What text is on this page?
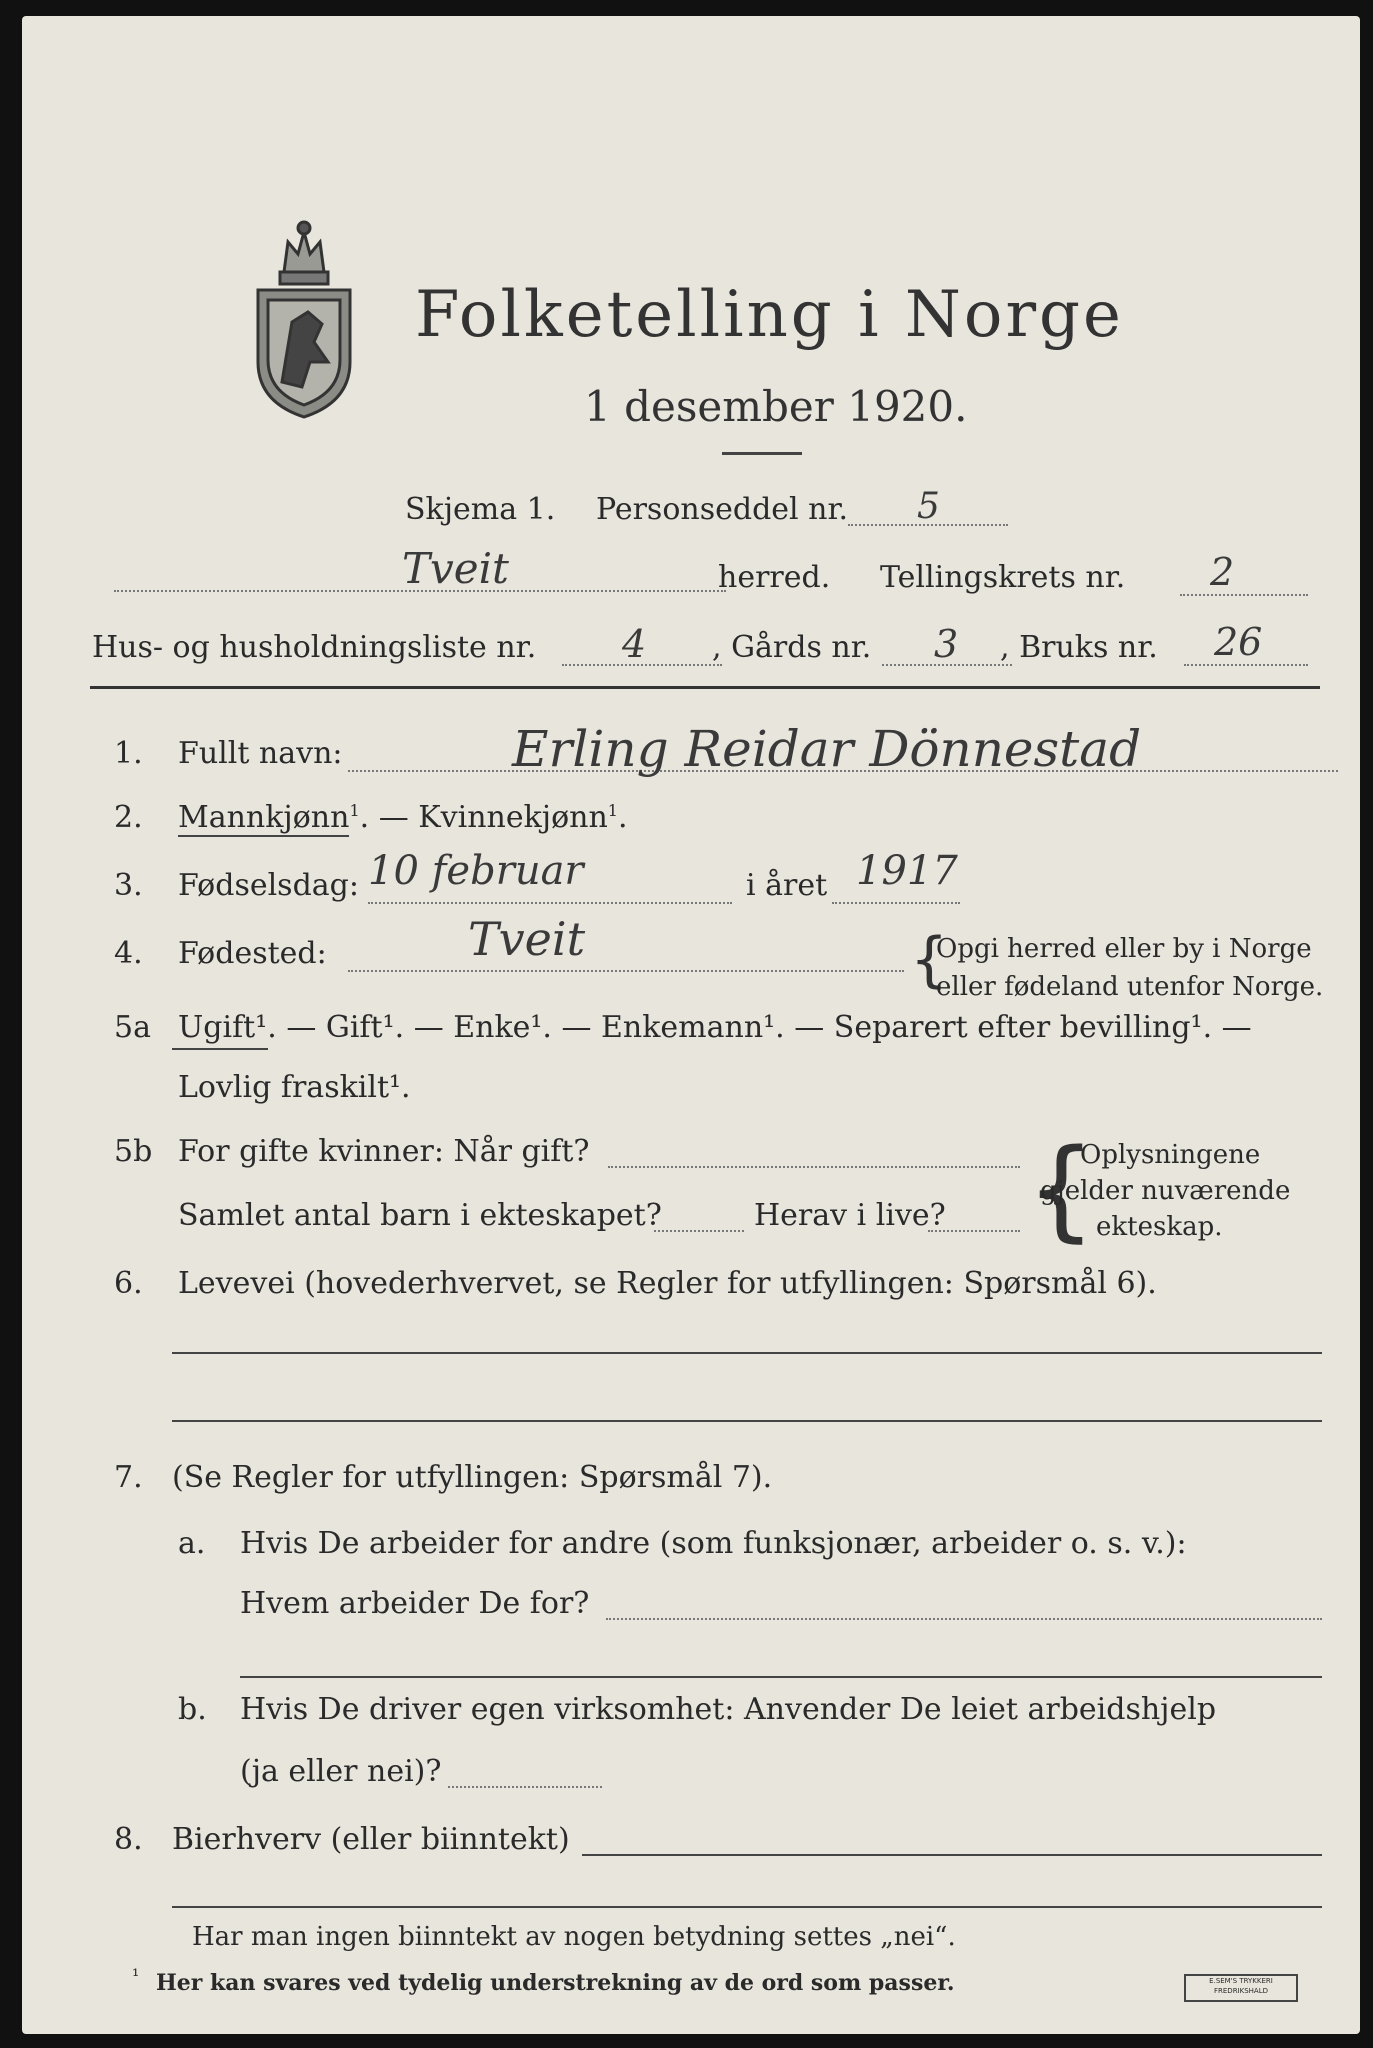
Folketelling i Norge
1 desember 1920.
Skjema 1. Personseddel nr. 5
Tveit	herred. Tellingskrets nr. 2
Hus- og husholdningsliste nr. 4 , Gårds nr. 3 , Bruks nr. 26
1. Fullt navn:	Erling Reidar Dönnestad
2. Mannkjønn$^1$. — Kvinnekjønn$^1$.
3. Fødselsdag: 10 februar	i året 1917
4. Fødested:	Tveit	{
Opgi herred eller by i Norge
eller fødeland utenfor Norge.
5a Ugift¹. — Gift¹. — Enke¹. — Enkemann¹. — Separert efter bevilling¹. —
Lovlig fraskilt¹.
5b For gifte kvinner: Når gift?
Samlet antal barn i ekteskapet?	Herav i live? {
Oplysningene
gjelder nuværende
ekteskap.
6. Levevei (hovederhvervet, se Regler for utfyllingen: Spørsmål 6).
7. (Se Regler for utfyllingen: Spørsmål 7).
a. Hvis De arbeider for andre (som funksjonær, arbeider o. s. v.):
Hvem arbeider De for?
b. Hvis De driver egen virksomhet: Anvender De leiet arbeidshjelp
(ja eller nei)?
8. Bierhverv (eller biinntekt)
Har man ingen biinntekt av nogen betydning settes „nei“.
¹ Her kan svares ved tydelig understrekning av de ord som passer.	E.SEM'S TRYKKERI
FREDRIKSHALD
